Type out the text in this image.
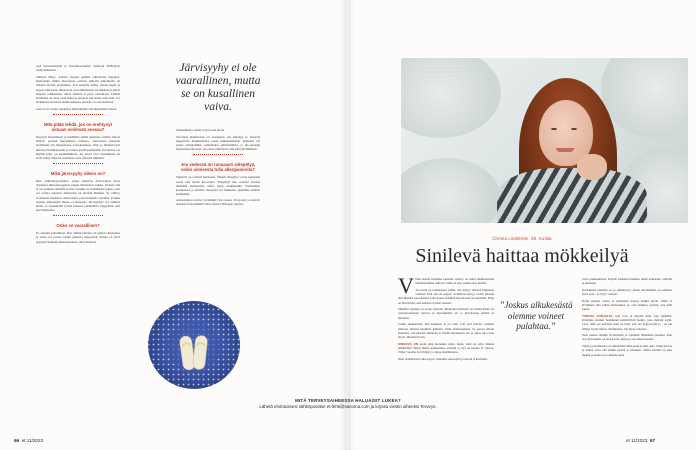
essä haavanlehdellä ja Saarinmoottmilla. Sinilevät lisääntyvät tosiin lämmessä.

Sinilevä näkyy vedessä yleensä pieninä vihertävinä hippuina. Runsaampi määrä muodostaa selvästi näkyviä sinivihreitä tai vihreitä leviviä ulokumma. Voit kokeilla laittaa veteen kepin ja nostaa sillä levää. Muut levät ovat rihmamaisia tai limaisia ja jäävät keppien roikkumaan, mutta sinilevä ei pysty nostamaan. Tarinen koitkenen on ottaa vettä lasiin ja seurataa sitä laulaa noin tunti. Jos levähiteset nousevat tunnin kuluessa pintaan, on vesi sinilevää.

Joen ei ole varma, kannattaa mieluummin olla menemättä veteen.

Mitä pitää tehdä, jos on erehtynyt uimaan sinilevän seassa?

Peseytyä huolellisesti ja huuhdella silmät puhtaalla vedellä. Oireet alkavat yleensä muutamassa tunnissa. Vaivaoireet menevät tavallisesti ohi muutamassa vuorokaudessa. Ihon ja limakalvojen kirkottyvät hikaaseenin ja voimaa kestää pitempään. Tavalaessa voi käyttää kipu- tai kuumelääkettä. Jos oireet ovat voimakkaita tai eivät väisty viikossa, kannattaa ottaa yhteyttä lääkäriin.

Mikä järvisyyhy oikein on?

Ihon ylihertkkyysreaktio, jonka aiheuttaa järvivedessä iloon tarttuneet mikroskooppisen pienet imumadon toukka. Vedestä sitä ei voi paljaalla silmällä erottaa. Toukka on vesilintujen loinen, joka voi tarttua rannassa kahlaaviin tai uiviaan ihmisiin. Se viihtyy tavallisesti matalissa rantavesissä, jossa lintuiella vierailee. Toukka ajautuu uimareiden ihoon, ei menestyt. Järvisyyhyä voi esiintyä koski- ja lopukesällä lyvinä pienenä punakillisia näppylöitä, kun kesä lämpenee.

Onko se vaarallinen?

Ei, onneksi kiusallinen. Paar nimiin jäävinä voi kutiava ihottumaa ja sitten voi nousta pieniä punaisia näppylöitä. Silloin on hyvä peseytyä kunnolla ihokuonnokan. Oirat menevät

Järvisyyhy ei ole vaarallinen, mutta se on kusallinen vaiva.

Sankaankalla voikut voivat tosia ikolta.

Varaviksi kuljustaisin on suoaemon siis kulonga ja hoitaviä näppylöitä, mukkallisunot pentä nakkaluisalaisin. Kutinaan voi auttaa allergialääke, esimerkiksi antihistamiini, ja iho-oireisiin hydrokortisonivoide. Jos oireet pitkittyvät, niin yhteyttä lääkäriin.

Jos vedessä on runsaasti siitepölyä, voiko uimisesta tulla allergiaoireita?

Siitepöly on vedessä haitatonta. Pahasti allergiset voivat kuitenkin saada siitä lievää iho-oireita. Siitepölyn kun vedessä yleensä mennään alkukesällä, mutta myös keskikesällä. Esimerkiksi koivikoissa ja hieman siitepölyä voi kulkeutua pitkänkin matkan kesäkuulla.

Asiantuntijana toimivat yleislääkäri Sini Laakso, Terveystalo ja dosentti, ihotautien erikoislääkäri Ville Lehtonen, Helsingin yliopisto.

← Harmittaa, kun vedessä on sinilevää, joka estää uimisen mökillä, sanoo Christa Lindström.
Christa Lindström, 50, Kuisla
Sinilevä haittaa mökkeilyä

Viime kesinä kotimme kesäisin vietetty on tullut mökkirantaan lahdetteaamme sinilevä. Siinä on aina joukko iloa kesään.

Jos levää on kohtalaisen vähän, sitä löytyy vihreitä hiippuina vedessä. Kun sitä on paljon, levämassa kertyy veden pintaan niin tiheäksi kerrokseksi, joka haisee mädältä kasvinostin tai metalliin. Haju on niin hevisi, että kukaan ei mene rantaan.

Mökkini sijaitsee on noren rannalla. Muutama kilometri on viulun.Ranta on rasiopistaaleinen nauvaa ja lapsemmalle oli ja kirjoitetaan kentän ja kiireinen.

Joskus alkukesästä, kun kirkkaus ja on ollut vain pari päivää, olemme päässeet uimaan kauniilla kaiketin. Vielä mainitsemaan. Se seuraa silloin kauniisti, että järvesti sinilevää ei meillä kuitenkaan ole ja ainoa lupa uida hyvin. Muistan hyvin.

SINILEVÄ ON usein ollut kuitenkin pitkä, mutta vielä on tehty hiukan piihäiriöitä. Ilmaa lähtee kaikenlaista etsintää ja teyt on kanssa ja vahvaa. Viime vuosina levä häipyi jo alussa heinäkuussa.

Olen tiedemiesten aika kysyä. Sanoikin seitu kyllä ja laitoin ja kävimme

”Joskus alkukesästä olemme voineet pulahtaa.”

vasta pukeutumaan. Käytän kaikkiin muuhun tietää erämaalle, siiloilla ja metsissä.

Kesäaikana mieheni on jo eläköitynyt, mutta tuloillemme on edelleen hyvä pesu - se löyty vedestä.

Kyllä pienten lasten ja perheiden kanssa kaikki hyvin. Minä ei kivullinen niin tutkin kalastuksen ja, otan kaikkea syyniin, jota näin sanon.

TUNTUU KURJALTA, kun levä ja käyttää mitä vain mökkilä. Ottamme sininen heinäkuun miellyttäviä hetkiä, joka ihmisiä kyllä. Levä, eikä ole kohdalla kuin on mitä, sitä saa kylpyvesiin ja - en ole nähnyt levää omissa raittiuksissa. On myös sokeana.

Teen kaiken muihin tavoitteisiin ja ajatuksia lähtemme puoliksi. Kun taas järveenkin, on levä kovin runsas ja sen alueen kaunis.

Syksy ja kevätkausi on viimeistään tämä pieni ja aika ajan. Tämä kasvaa ja elämä voisi olla kaikki kylmä ja kesäinen. Mutta kesälla on aika mennä ja kohta on jo hieman kesä.

MITÄ TERVEYSAIHEESSA HALUAISIT LUKEA?
Lähetä ehdotuksesi sähköpostitse et-lehti@sanoma.com ja kirjoita viestin aiheeksi Terveys.
66 et 11/2023	et 11/2023 67
